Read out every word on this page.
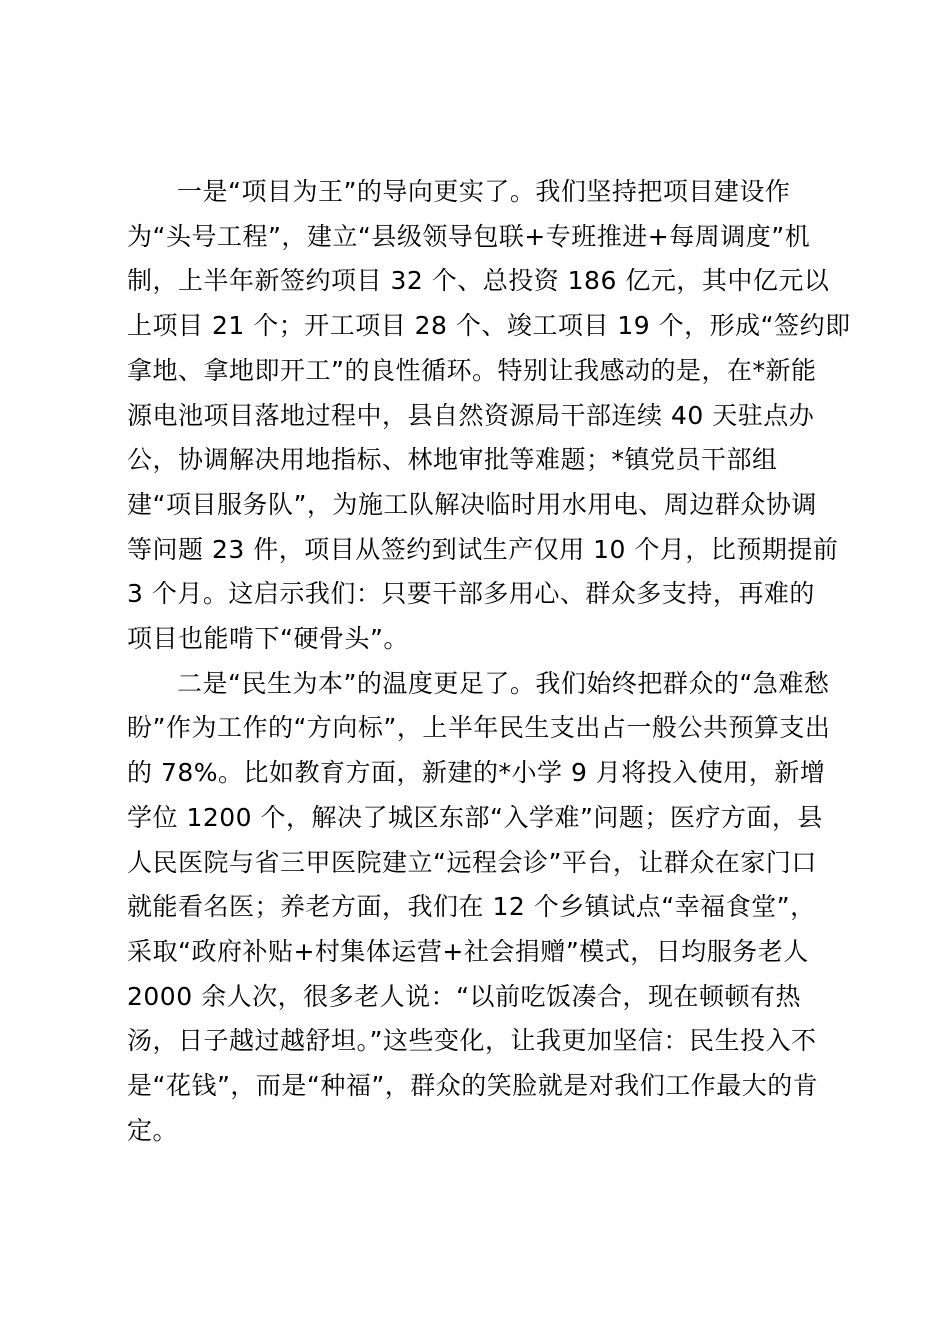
一是“项目为王”的导向更实了。我们坚持把项目建设作
为“头号工程”，建立“县级领导包联+专班推进+每周调度”机
制，上半年新签约项目 32 个、总投资 186 亿元，其中亿元以
上项目 21 个；开工项目 28 个、竣工项目 19 个，形成“签约即
拿地、拿地即开工”的良性循环。特别让我感动的是，在*新能
源电池项目落地过程中，县自然资源局干部连续 40 天驻点办
公，协调解决用地指标、林地审批等难题；*镇党员干部组
建“项目服务队”，为施工队解决临时用水用电、周边群众协调
等问题 23 件，项目从签约到试生产仅用 10 个月，比预期提前
3 个月。这启示我们：只要干部多用心、群众多支持，再难的
项目也能啃下“硬骨头”。

二是“民生为本”的温度更足了。我们始终把群众的“急难愁
盼”作为工作的“方向标”，上半年民生支出占一般公共预算支出
的 78%。比如教育方面，新建的*小学 9 月将投入使用，新增
学位 1200 个，解决了城区东部“入学难”问题；医疗方面，县
人民医院与省三甲医院建立“远程会诊”平台，让群众在家门口
就能看名医；养老方面，我们在 12 个乡镇试点“幸福食堂”，
采取“政府补贴+村集体运营+社会捐赠”模式，日均服务老人
2000 余人次，很多老人说：“以前吃饭凑合，现在顿顿有热
汤，日子越过越舒坦。”这些变化，让我更加坚信：民生投入不
是“花钱”，而是“种福”，群众的笑脸就是对我们工作最大的肯
定。
